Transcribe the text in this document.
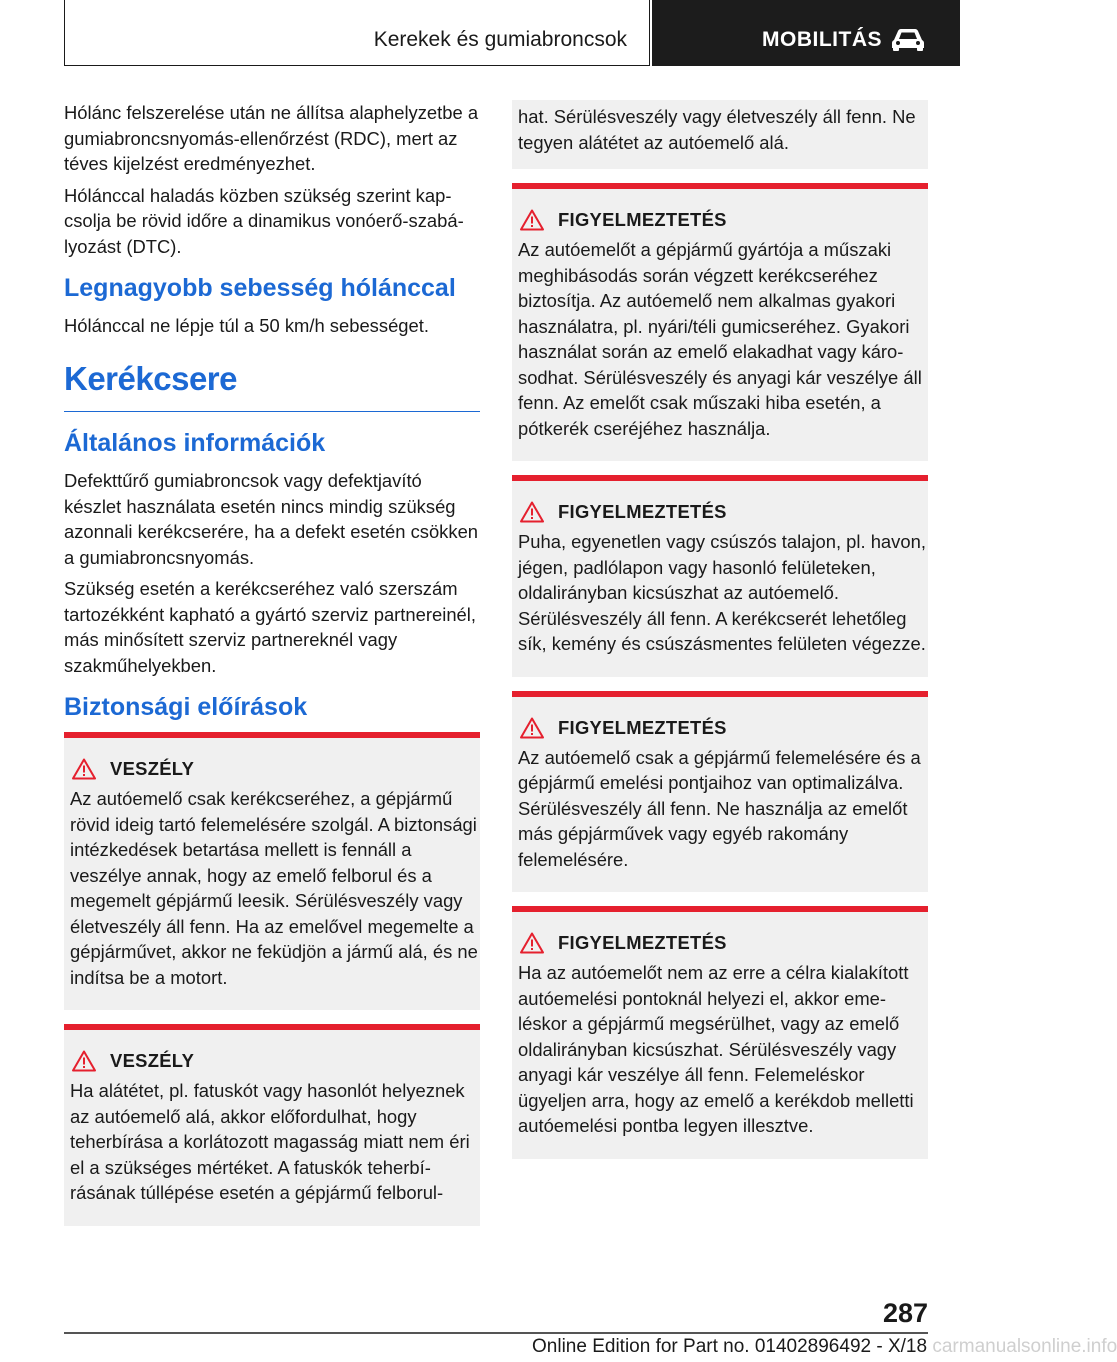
Kerekek és gumiabroncsok	MOBILITÁS

Hólánc felszerelése után ne állítsa alaphelyzetbe a gumiabroncsnyomás-ellenőrzést (RDC), mert az téves kijelzést eredményezhet.

Hólánccal haladás közben szükség szerint kapcsolja be rövid időre a dinamikus vonóerő-szabályozást (DTC).

Legnagyobb sebesség hólánccal

Hólánccal ne lépje túl a 50 km/h sebességet.

Kerékcsere
Általános információk

Defekttűrő gumiabroncsok vagy defektjavító készlet használata esetén nincs mindig szükség azonnali kerékcserére, ha a defekt esetén csökken a gumiabroncsnyomás.

Szükség esetén a kerékcseréhez való szerszám tartozékként kapható a gyártó szerviz partnereinél, más minősített szerviz partnereknél vagy szakműhelyekben.

Biztonsági előírások
VESZÉLY
Az autóemelő csak kerékcseréhez, a gépjármű rövid ideig tartó felemelésére szolgál. A biztonsági intézkedések betartása mellett is fennáll a veszélye annak, hogy az emelő felborul és a megemelt gépjármű leesik. Sérülésveszély vagy életveszély áll fenn. Ha az emelővel megemelte a gépjárművet, akkor ne feküdjön a jármű alá, és ne indítsa be a motort.
VESZÉLY
Ha alátétet, pl. fatuskót vagy hasonlót helyeznek az autóemelő alá, akkor előfordulhat, hogy teherbírása a korlátozott magasság miatt nem éri el a szükséges mértéket. A fatuskók teherbírásának túllépése esetén a gépjármű felborul-
hat. Sérülésveszély vagy életveszély áll fenn. Ne tegyen alátétet az autóemelő alá.
FIGYELMEZTETÉS
Az autóemelőt a gépjármű gyártója a műszaki meghibásodás során végzett kerékcseréhez biztosítja. Az autóemelő nem alkalmas gyakori használatra, pl. nyári/téli gumicseréhez. Gyakori használat során az emelő elakadhat vagy károsodhat. Sérülésveszély és anyagi kár veszélye áll fenn. Az emelőt csak műszaki hiba esetén, a pótkerék cseréjéhez használja.
FIGYELMEZTETÉS
Puha, egyenetlen vagy csúszós talajon, pl. havon, jégen, padlólapon vagy hasonló felületeken, oldalirányban kicsúszhat az autóemelő. Sérülésveszély áll fenn. A kerékcserét lehetőleg sík, kemény és csúszásmentes felületen végezze.
FIGYELMEZTETÉS
Az autóemelő csak a gépjármű felemelésére és a gépjármű emelési pontjaihoz van optimalizálva. Sérülésveszély áll fenn. Ne használja az emelőt más gépjárművek vagy egyéb rakomány felemelésére.
FIGYELMEZTETÉS
Ha az autóemelőt nem az erre a célra kialakított autóemelési pontoknál helyezi el, akkor emeléskor a gépjármű megsérülhet, vagy az emelő oldalirányban kicsúszhat. Sérülésveszély vagy anyagi kár veszélye áll fenn. Felemeléskor ügyeljen arra, hogy az emelő a kerékdob melletti autóemelési pontba legyen illesztve.
287
Online Edition for Part no. 01402896492 - X/18 carmanualsonline.info
